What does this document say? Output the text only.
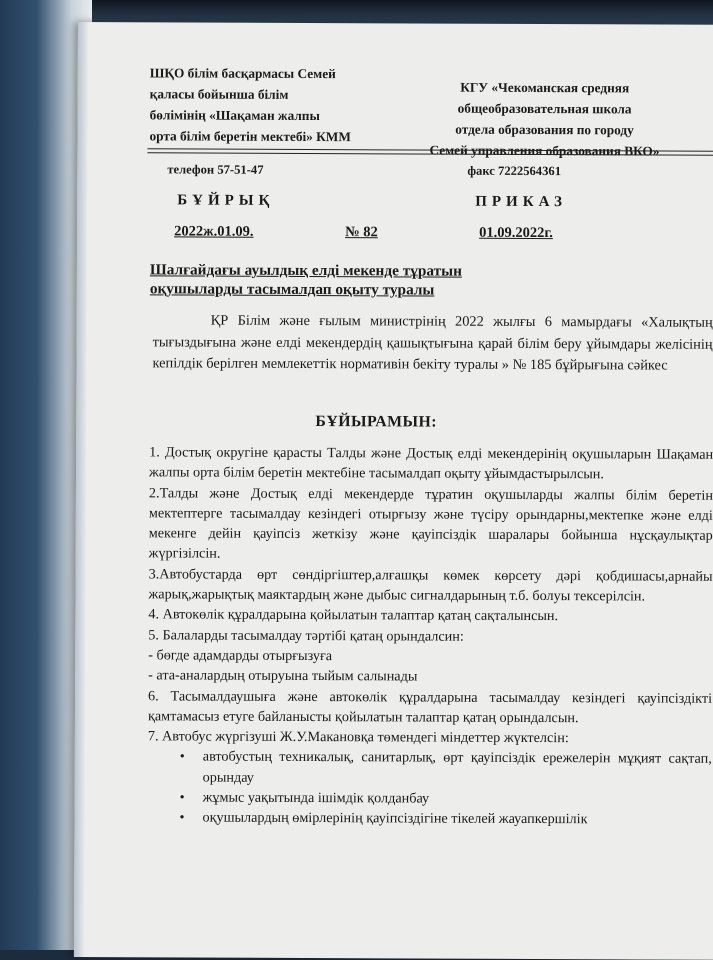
ШҚО білім басқармасы Семей
қаласы бойынша білім
бөлімінің «Шақаман жалпы
орта білім беретін мектебі» КММ
КГУ «Чекоманская средняя
общеобразовательная школа
отдела образования по городу
Семей управления образования ВКО»
телефон 57-51-47	факс 7222564361
БҰЙРЫҚ	ПРИКАЗ
2022ж.01.09.	№ 82	01.09.2022г.
Шалғайдағы ауылдық елді мекенде тұратын
оқушыларды тасымалдап оқыту туралы
ҚР Білім және ғылым министрінің 2022 жылғы 6 мамырдағы «Халықтың тығыздығына және елді мекендердің қашықтығына қарай білім беру ұйымдары желісінің кепілдік берілген мемлекеттік нормативін бекіту туралы » № 185 бұйрығына сәйкес
БҰЙЫРАМЫН:

1. Достық округіне қарасты Талды және Достық елді мекендерінің оқушыларын Шақаман жалпы орта білім беретін мектебіне тасымалдап оқыту ұйымдастырылсын.

2.Талды және Достық елді мекендерде тұратин оқушыларды жалпы білім беретін мектептерге тасымалдау кезіндегі отырғызу және түсіру орындарны,мектепке және елді мекенге дейін қауіпсіз жеткізу және қауіпсіздік шаралары бойынша нұсқаулықтар жүргізілсін.

3.Автобустарда өрт сөндіргіштер,алғашқы көмек көрсету дәрі қобдишасы,арнайы жарық,жарықтық маяктардың және дыбыс сигналдарының т.б. болуы тексерілсін.

4. Автокөлік құралдарына қойылатын талаптар қатаң сақталынсын.

5. Балаларды тасымалдау тәртібі қатаң орындалсин:

- бөгде адамдарды отырғызуға

- ата-аналардың отыруына тыйым салынады

6. Тасымалдаушыға және автокөлік құралдарына тасымалдау кезіндегі қауіпсіздікті қамтамасыз етуге байланысты қойылатын талаптар қатаң орындалсын.

7. Автобус жүргізуші Ж.У.Макановқа төмендегі міндеттер жүктелсін:

• автобустың техникалық, санитарлық, өрт қауіпсіздік ережелерін мұқият сақтап, орындау
• жұмыс уақытында ішімдік қолданбау
• оқушылардың өмірлерінің қауіпсіздігіне тікелей жауапкершілік
